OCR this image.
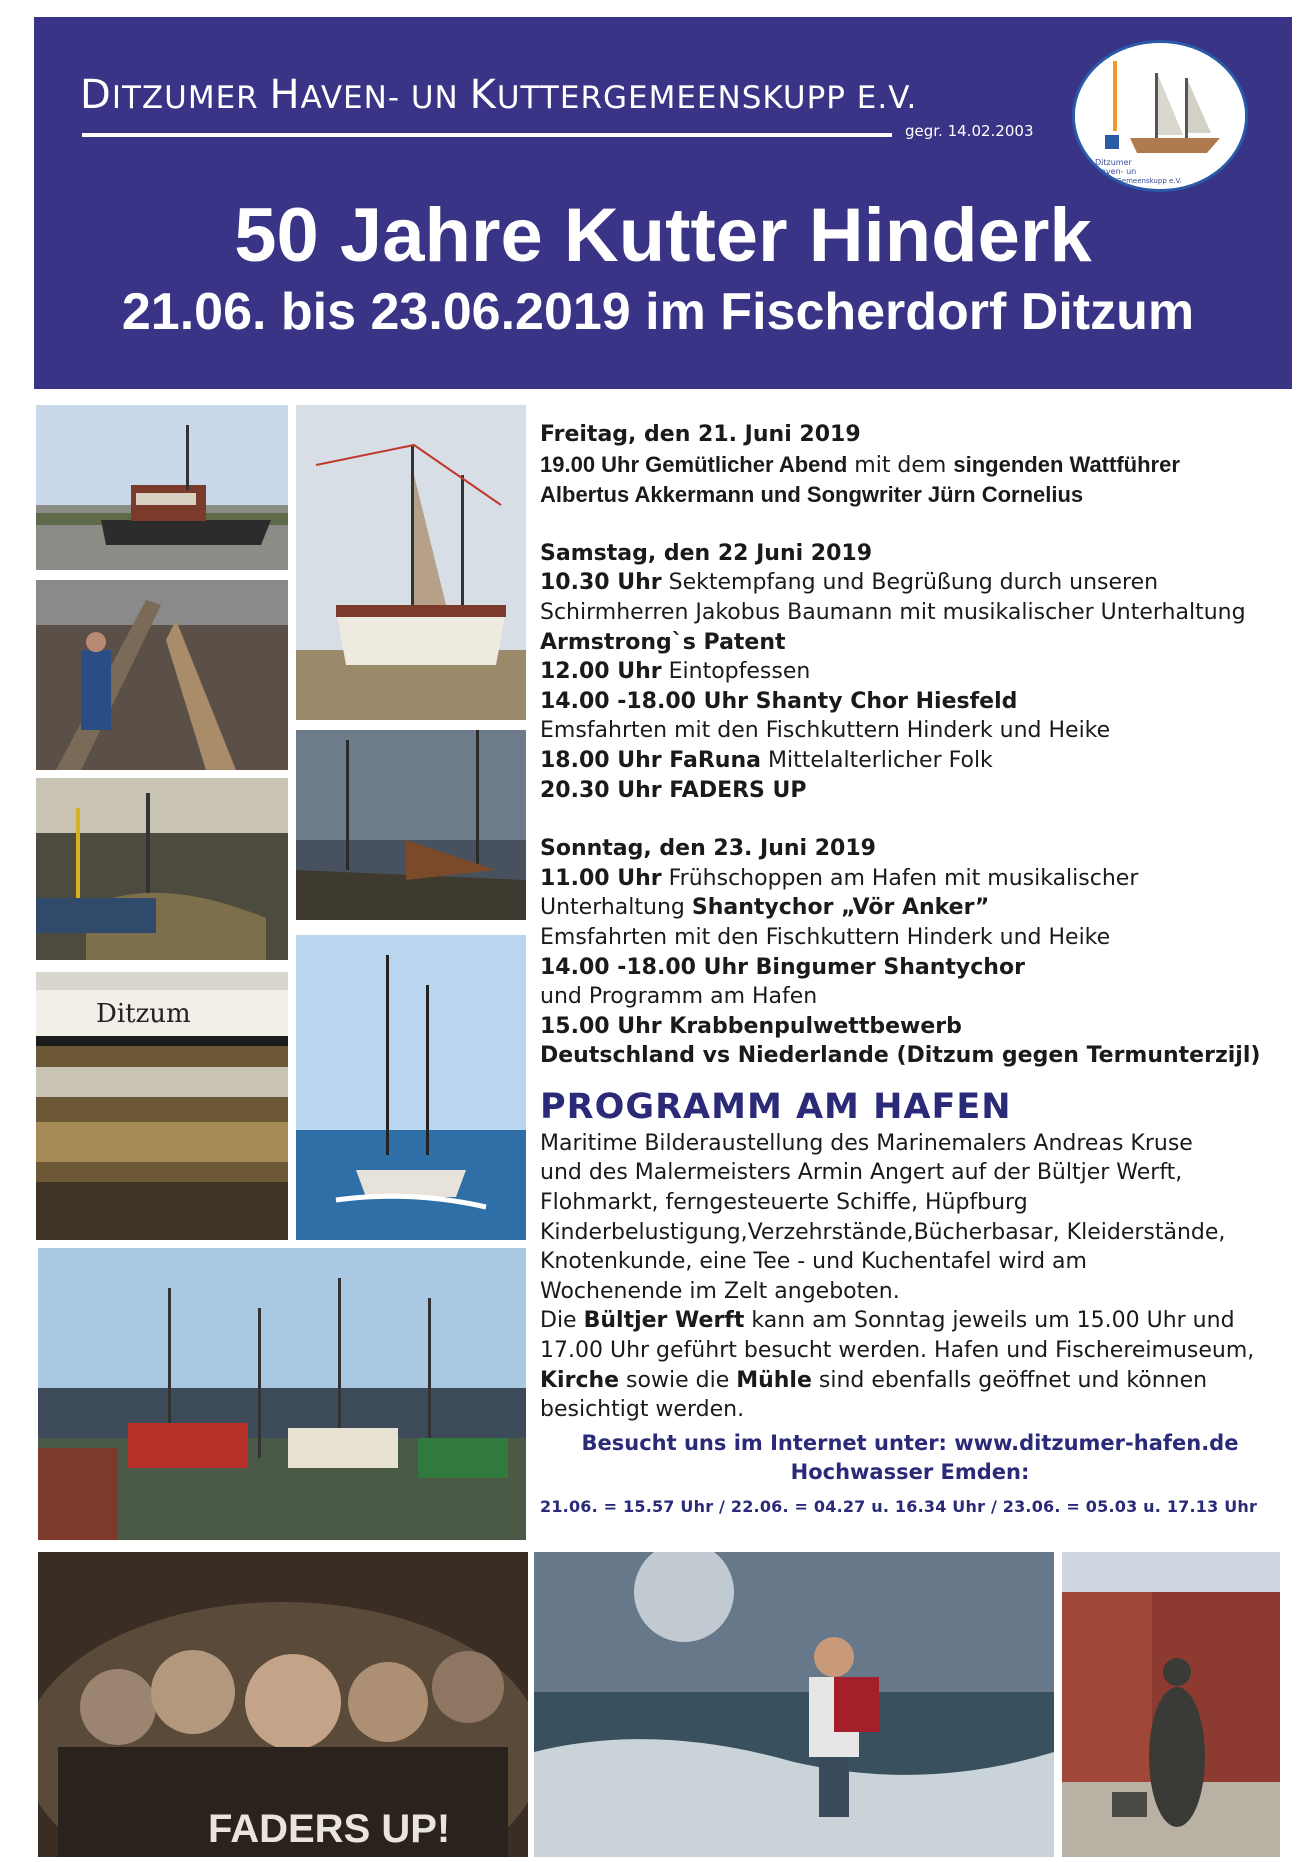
DITZUMER HAVEN- UN KUTTERGEMEENSKUPP E.V.
gegr. 14.02.2003
Ditzumer
Haven- un
KutterGemeenskupp e.V.
50 Jahre Kutter Hinderk
21.06. bis 23.06.2019 im Fischerdorf Ditzum
Ditzum
Freitag, den 21. Juni 2019
19.00 Uhr Gemütlicher Abend mit dem singenden Wattführer
Albertus Akkermann und Songwriter Jürn Cornelius
Samstag, den 22 Juni 2019
10.30 Uhr Sektempfang und Begrüßung durch unseren
Schirmherren Jakobus Baumann mit musikalischer Unterhaltung
Armstrong`s Patent
12.00 Uhr Eintopfessen
14.00 -18.00 Uhr Shanty Chor Hiesfeld
Emsfahrten mit den Fischkuttern Hinderk und Heike
18.00 Uhr FaRuna Mittelalterlicher Folk
20.30 Uhr FADERS UP
Sonntag, den 23. Juni 2019
11.00 Uhr Frühschoppen am Hafen mit musikalischer
Unterhaltung Shantychor „Vör Anker”
Emsfahrten mit den Fischkuttern Hinderk und Heike
14.00 -18.00 Uhr Bingumer Shantychor
und Programm am Hafen
15.00 Uhr Krabbenpulwettbewerb
Deutschland vs Niederlande (Ditzum gegen Termunterzijl)
PROGRAMM AM HAFEN
Maritime Bilderaustellung des Marinemalers Andreas Kruse
und des Malermeisters Armin Angert auf der Bültjer Werft,
Flohmarkt, ferngesteuerte Schiffe, Hüpfburg
Kinderbelustigung,Verzehrstände,Bücherbasar, Kleiderstände,
Knotenkunde, eine Tee - und Kuchentafel wird am
Wochenende im Zelt angeboten.
Die Bültjer Werft kann am Sonntag jeweils um 15.00 Uhr und
17.00 Uhr geführt besucht werden. Hafen und Fischereimuseum,
Kirche sowie die Mühle sind ebenfalls geöffnet und können
besichtigt werden.
Besucht uns im Internet unter: www.ditzumer-hafen.de
Hochwasser Emden:
21.06. = 15.57 Uhr / 22.06. = 04.27 u. 16.34 Uhr / 23.06. = 05.03 u. 17.13 Uhr
FADERS UP!
